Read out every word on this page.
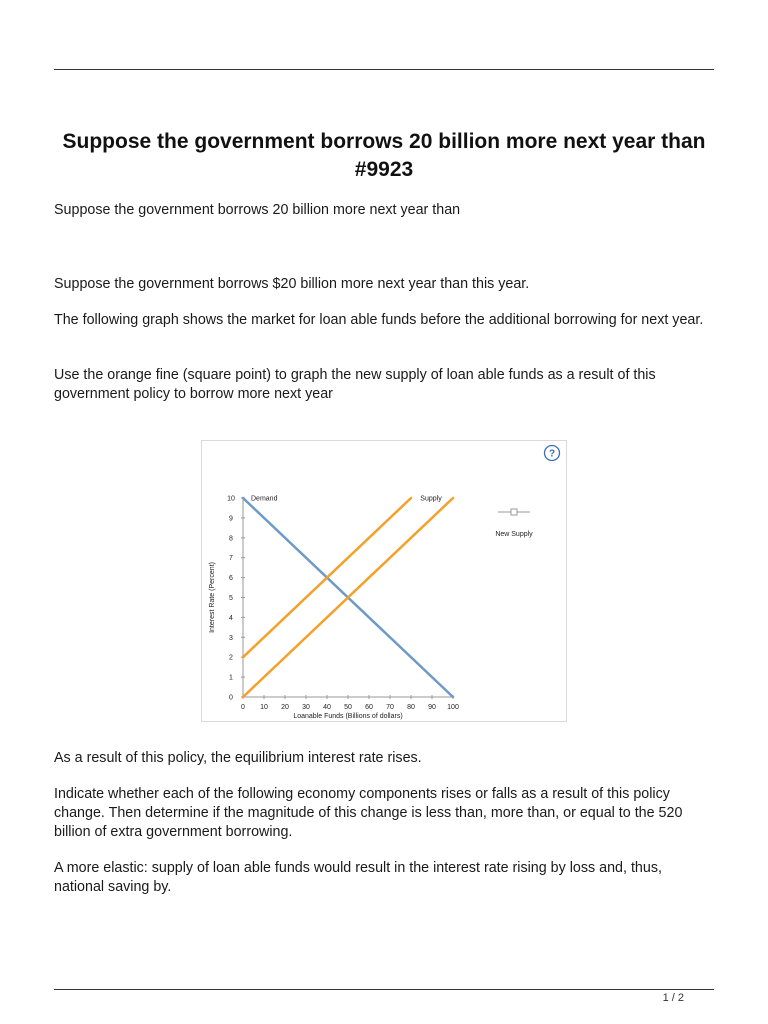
Suppose the government borrows 20 billion more next year than #9923

Suppose the government borrows 20 billion more next year than

Suppose the government borrows $20 billion more next year than this year.

The following graph shows the market for loan able funds before the additional borrowing for next year.

Use the orange fine (square point) to graph the new supply of loan able funds as a result of this government policy to borrow more next year

?
0 10 20 30 40 50 60 70 80 90 100
0
1
2
3
4
5
6
7
8
9
10
Loanable Funds (Billions of dollars)
Interest Rate (Percent)
Demand	Supply
New Supply

As a result of this policy, the equilibrium interest rate rises.

Indicate whether each of the following economy components rises or falls as a result of this policy change. Then determine if the magnitude of this change is less than, more than, or equal to the 520 billion of extra government borrowing.

A more elastic: supply of loan able funds would result in the interest rate rising by loss and, thus, national saving by.

1 / 2
